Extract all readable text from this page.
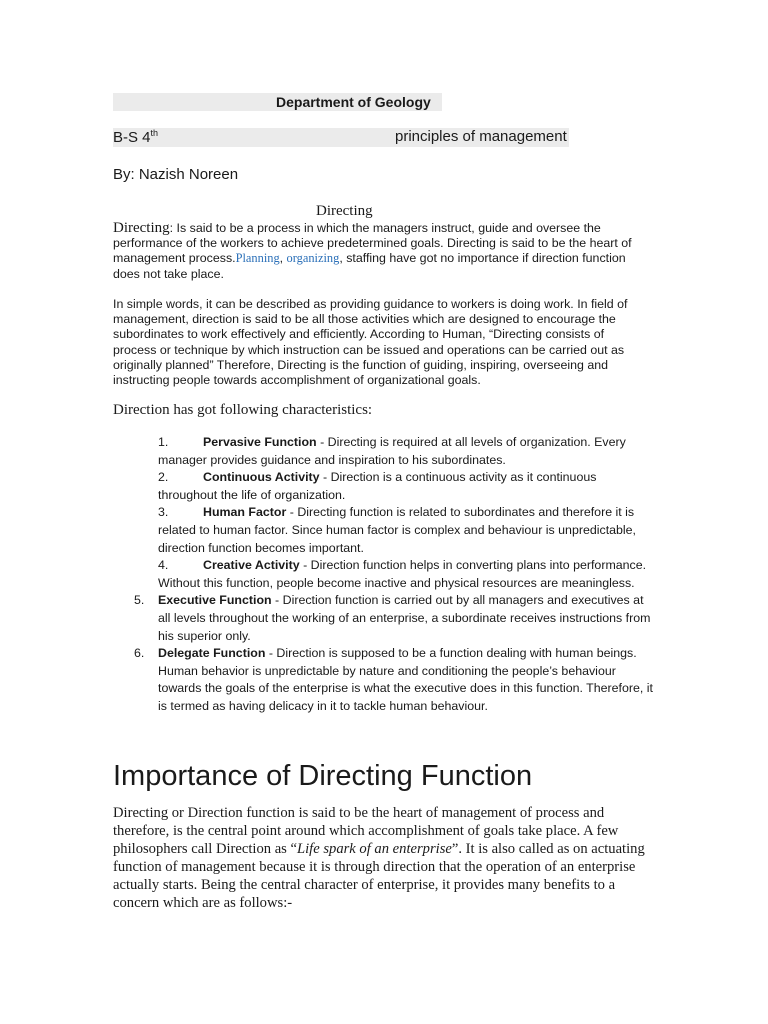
Department of Geology
B-S 4th	principles of management
By: Nazish Noreen
Directing
Directing: Is said to be a process in which the managers instruct, guide and oversee the performance of the workers to achieve predetermined goals. Directing is said to be the heart of management process.Planning, organizing, staffing have got no importance if direction function does not take place.
In simple words, it can be described as providing guidance to workers is doing work. In field of management, direction is said to be all those activities which are designed to encourage the subordinates to work effectively and efficiently. According to Human, “Directing consists of process or technique by which instruction can be issued and operations can be carried out as originally planned” Therefore, Directing is the function of guiding, inspiring, overseeing and instructing people towards accomplishment of organizational goals.
Direction has got following characteristics:
1.	Pervasive Function - Directing is required at all levels of organization. Every manager provides guidance and inspiration to his subordinates.
2.	Continuous Activity - Direction is a continuous activity as it continuous throughout the life of organization.
3.	Human Factor - Directing function is related to subordinates and therefore it is related to human factor. Since human factor is complex and behaviour is unpredictable, direction function becomes important.
4.	Creative Activity - Direction function helps in converting plans into performance. Without this function, people become inactive and physical resources are meaningless.
5. Executive Function - Direction function is carried out by all managers and executives at all levels throughout the working of an enterprise, a subordinate receives instructions from his superior only.
6. Delegate Function - Direction is supposed to be a function dealing with human beings. Human behavior is unpredictable by nature and conditioning the people’s behaviour towards the goals of the enterprise is what the executive does in this function. Therefore, it is termed as having delicacy in it to tackle human behaviour.
Importance of Directing Function
Directing or Direction function is said to be the heart of management of process and therefore, is the central point around which accomplishment of goals take place. A few philosophers call Direction as “Life spark of an enterprise”. It is also called as on actuating function of management because it is through direction that the operation of an enterprise actually starts. Being the central character of enterprise, it provides many benefits to a concern which are as follows:-
